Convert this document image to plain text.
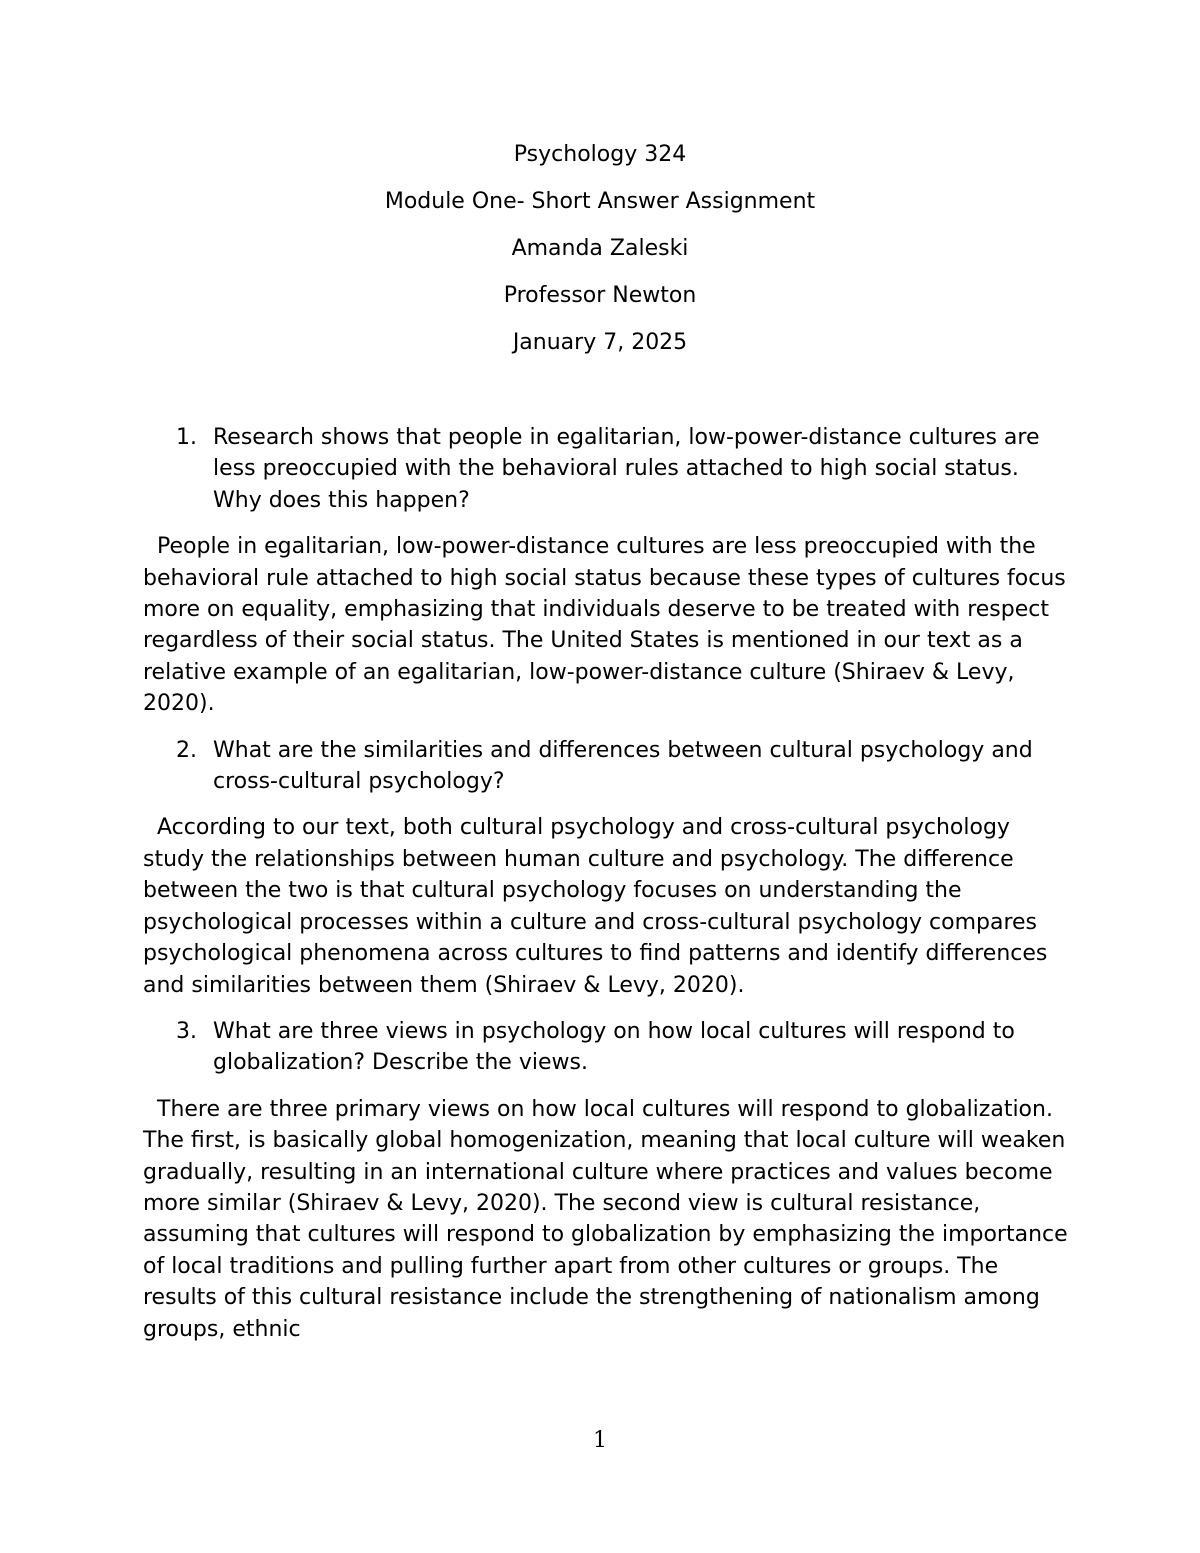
Psychology 324
Module One- Short Answer Assignment
Amanda Zaleski
Professor Newton
January 7, 2025
1. Research shows that people in egalitarian, low-power-distance cultures are less preoccupied with the behavioral rules attached to high social status. Why does this happen?

People in egalitarian, low-power-distance cultures are less preoccupied with the behavioral rule attached to high social status because these types of cultures focus more on equality, emphasizing that individuals deserve to be treated with respect regardless of their social status. The United States is mentioned in our text as a relative example of an egalitarian, low-power-distance culture (Shiraev & Levy, 2020).

2. What are the similarities and differences between cultural psychology and cross-cultural psychology?

According to our text, both cultural psychology and cross-cultural psychology study the relationships between human culture and psychology. The difference between the two is that cultural psychology focuses on understanding the psychological processes within a culture and cross-cultural psychology compares psychological phenomena across cultures to find patterns and identify differences and similarities between them (Shiraev & Levy, 2020).

3. What are three views in psychology on how local cultures will respond to globalization? Describe the views.

There are three primary views on how local cultures will respond to globalization. The first, is basically global homogenization, meaning that local culture will weaken gradually, resulting in an international culture where practices and values become more similar (Shiraev & Levy, 2020). The second view is cultural resistance, assuming that cultures will respond to globalization by emphasizing the importance of local traditions and pulling further apart from other cultures or groups. The results of this cultural resistance include the strengthening of nationalism among groups, ethnic

1
